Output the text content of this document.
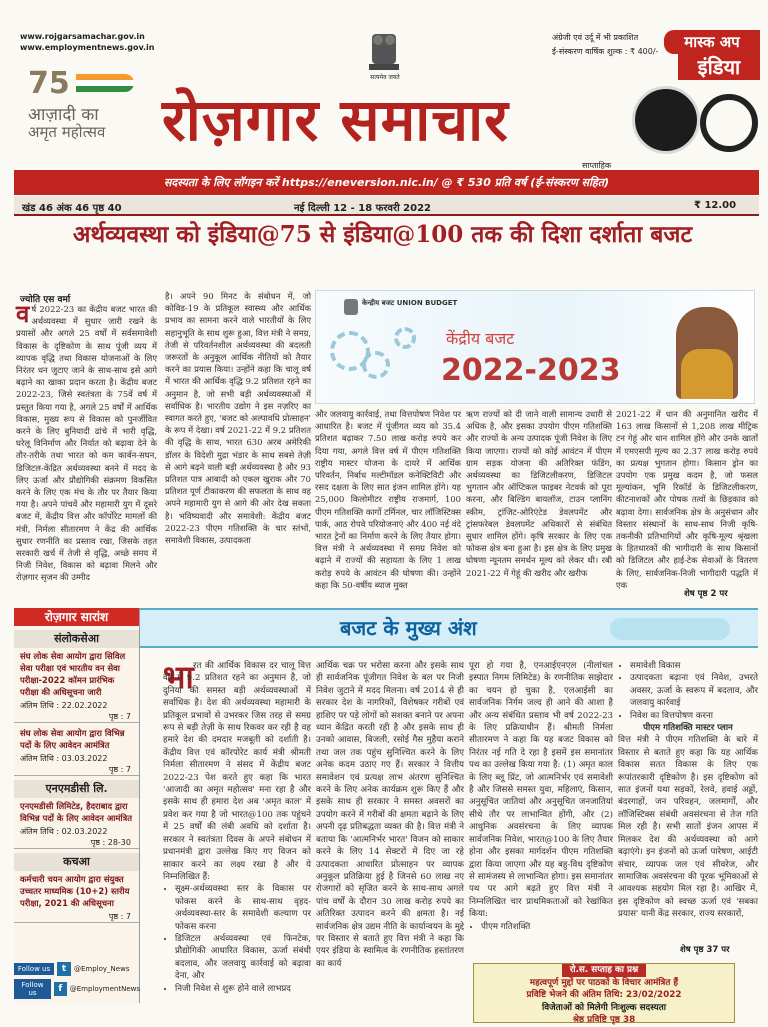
www.rojgarsamachar.gov.in
www.employmentnews.gov.in
सत्यमेव जयते
अंग्रेजी एवं उर्दू में भी प्रकाशित
ई-संस्करण वार्षिक शुल्क : ₹ 400/-
मास्क अप
इंडिया
75
आज़ादी का
अमृत महोत्सव रोज़गार समाचार
साप्ताहिक
सदस्यता के लिए लॉगइन करें https://eneversion.nic.in/ @ ₹ 530 प्रति वर्ष (ई-संस्करण सहित)
खंड 46 अंक 46 पृष्ठ 40	नई दिल्ली 12 - 18 फरवरी 2022	₹ 12.00
अर्थव्यवस्था को इंडिया@75 से इंडिया@100 तक की दिशा दर्शाता बजट
ज्योति एस वर्मा
व र्ष 2022-23 का केंद्रीय बजट भारत की अर्थव्यवस्था में सुधार जारी रखने के प्रयासों और अगले 25 वर्षों में सर्वसमावेशी विकास के दृष्टिकोण के साथ पूंजी व्यय में व्यापक वृद्धि तथा विकास योजनाओं के लिए निरंतर धन जुटाए जाने के साथ-साथ इसे आगे बढ़ाने का खाका प्रदान करता है। केंद्रीय बजट 2022-23, जिसे स्वतंत्रता के 75वें वर्ष में प्रस्तुत किया गया है, अगले 25 वर्षों में आर्थिक विकास, मुख्य रूप से विकास को पुनर्जीवित करने के लिए बुनियादी ढांचे में भारी वृद्धि, घरेलू विनिर्माण और निर्यात को बढ़ावा देने के तौर-तरीके तथा भारत को कम कार्बन-सघन, डिजिटल-केंद्रित अर्थव्यवस्था बनने में मदद के लिए ऊर्जा और प्रौद्योगिकी संक्रमण विकसित करने के लिए एक मंच के तौर पर तैयार किया गया है। अपने पांचवें और महामारी युग में दूसरे बजट में, केंद्रीय वित्त और कॉर्पोरेट मामलों की मंत्री, निर्मला सीतारमण ने केंद्र की आर्थिक सुधार रणनीति का प्रस्ताव रखा, जिसके तहत सरकारी खर्च में तेजी से वृद्धि, अच्छे समय में निजी निवेश, विकास को बढ़ावा मिलने और रोज़गार सृजन की उम्मीद
है। अपने 90 मिनट के संबोधन में, जो कोविड-19 के प्रतिकूल स्वास्थ्य और आर्थिक प्रभाव का सामना करने वाले भारतीयों के लिए सहानुभूति के साथ शुरू हुआ, वित्त मंत्री ने समग्र, तेजी से परिवर्तनशील अर्थव्यवस्था की बदलती जरूरतों के अनुकूल आर्थिक नीतियों को तैयार करने का प्रयास किया। उन्होंने कहा कि चालू वर्ष में भारत की आर्थिक वृद्धि 9.2 प्रतिशत रहने का अनुमान है, जो सभी बड़ी अर्थव्यवस्थाओं में सर्वाधिक है। भारतीय उद्योग ने इस नज़रिए का स्वागत करते हुए, 'बजट को अल्पावधि प्रोत्साहन' के रूप में देखा। वर्ष 2021-22 में 9.2 प्रतिशत की वृद्धि के साथ, भारत 630 अरब अमेरिकी डॉलर के विदेशी मुद्रा भंडार के साथ सबसे तेज़ी से आगे बढ़ने वाली बड़ी अर्थव्यवस्था है और 93 प्रतिशत पात्र आबादी को एकल खुराक और 70 प्रतिशत पूर्ण टीकाकरण की सफलता के साथ वह अपने महामारी युग से आगे की ओर देख सकता है। भविष्यवादी और समावेशी: केंद्रीय बजट 2022-23 पीएम गतिशक्ति के चार स्तंभों, समावेशी विकास, उत्पादकता
केन्द्रीय बजट UNION BUDGET
केंद्रीय बजट
2022-2023
और जलवायु कार्रवाई, तथा वित्तपोषण निवेश पर आधारित है। बजट में पूंजीगत व्यय को 35.4 प्रतिशत बढ़ाकर 7.50 लाख करोड़ रुपये कर दिया गया, अगले वित्त वर्ष में पीएम गतिशक्ति राष्ट्रीय मास्टर योजना के दायरे में आर्थिक परिवर्तन, निर्बाध मल्टीमॉडल कनेक्टिविटी और रसद दक्षता के लिए सात इंजन शामिल होंगे। यह 25,000 किलोमीटर राष्ट्रीय राजमार्ग, 100 पीएम गतिशक्ति कार्गो टर्मिनल, चार लॉजिस्टिक्स पार्क, आठ रोपवे परियोजनाएं और 400 नई वंदे भारत ट्रेनों का निर्माण करने के लिए तैयार होगा। वित्त मंत्री ने अर्थव्यवस्था में समग्र निवेश को बढ़ाने में राज्यों की सहायता के लिए 1 लाख करोड़ रुपये के आवंटन की घोषणा की। उन्होंने कहा कि 50-वर्षीय ब्याज मुक्त
ऋण राज्यों को दी जाने वाली सामान्य उधारी से अधिक है, और इसका उपयोग पीएम गतिशक्ति और राज्यों के अन्य उत्पादक पूंजी निवेश के लिए किया जाएगा। राज्यों को कोई आवंटन में पीएम ग्राम सड़क योजना की अतिरिक्त फंडिंग, अर्थव्यवस्था का डिजिटलीकरण, डिजिटल भुगतान और ऑप्टिकल फाइबर नेटवर्क को पूरा करना, और बिल्डिंग बायलॉज, टाउन प्लानिंग स्कीम, ट्रांजिट-ओरिएंटेड डेवलपमेंट और ट्रांसफरेबल डेवलपमेंट अधिकारों से संबंधित सुधार शामिल होंगे। कृषि सरकार के लिए एक फोकस क्षेत्र बना हुआ है। इस क्षेत्र के लिए प्रमुख घोषणा न्यूनतम समर्थन मूल्य को लेकर थी। रबी 2021-22 में गेहूं की खरीद और खरीफ
2021-22 में धान की अनुमानित खरीद में 163 लाख किसानों से 1,208 लाख मीट्रिक टन गेहूं और धान शामिल होंगे और उनके खातों में एमएसपी मूल्य का 2.37 लाख करोड़ रुपये का प्रत्यक्ष भुगतान होगा। किसान ड्रोन का उपयोग एक प्रमुख कदम है, जो फसल मूल्यांकन, भूमि रिकॉर्ड के डिजिटलीकरण, कीटनाशकों और पोषक तत्वों के छिड़काव को बढ़ावा देगा। सार्वजनिक क्षेत्र के अनुसंधान और विस्तार संस्थानों के साथ-साथ निजी कृषि-तकनीकी प्रतिभागियों और कृषि-मूल्य श्रृंखला के हितधारकों की भागीदारी के साथ किसानों को डिजिटल और हाई-टेक सेवाओं के वितरण के लिए, सार्वजनिक-निजी भागीदारी पद्धति में एक
शेष पृष्ठ 2 पर
रोज़गार सारांश
संलोकसेआ
संघ लोक सेवा आयोग द्वारा सिविल सेवा परीक्षा एवं भारतीय वन सेवा परीक्षा-2022 कॉमन प्रारंभिक परीक्षा की अधिसूचना जारी
अंतिम तिथि : 22.02.2022
पृष्ठ : 7
संघ लोक सेवा आयोग द्वारा विभिन्न पदों के लिए आवेदन आमंत्रित
अंतिम तिथि : 03.03.2022
पृष्ठ : 7
एनएमडीसी लि.
एनएमडीसी लिमिटेड, हैदराबाद द्वारा विभिन्न पदों के लिए आवेदन आमंत्रित
अंतिम तिथि : 02.03.2022
पृष्ठ : 28-30
कचआ
कर्मचारी चयन आयोग द्वारा संयुक्त उच्चतर माध्यमिक (10+2) स्तरीय परीक्षा, 2021 की अधिसूचना
पृष्ठ : 7
Follow us	t	@Employ_News
Follow us	f	@EmploymentNews
बजट के मुख्य अंश
भा रत की आर्थिक विकास दर चालू वित्त वर्ष में 9.2 प्रतिशत रहने का अनुमान है, जो दुनिया की समस्त बड़ी अर्थव्यवस्थाओं में सर्वाधिक है। देश की अर्थव्यवस्था महामारी के प्रतिकूल प्रभावों से उभरकर जिस तरह से समग्र रूप से बड़ी तेज़ी के साथ रिकवर कर रही है वह हमारे देश की दमदार मजबूती को दर्शाती है। केंद्रीय वित्त एवं कॉरपोरेट कार्य मंत्री श्रीमती निर्मला सीतारमण ने संसद में केंद्रीय बजट 2022-23 पेश करते हुए कहा कि भारत 'आजादी का अमृत महोत्सव' मना रहा है और इसके साथ ही हमारा देश अब 'अमृत काल' में प्रवेश कर गया है जो भारत@100 तक पहुंचने में 25 वर्षों की लंबी अवधि को दर्शाता है। सरकार ने स्वतंत्रता दिवस के अपने संबोधन में प्रधानमंत्री द्वारा उल्लेख किए गए विजन को साकार करने का लक्ष्य रखा है और ये निम्नलिखित हैं:
• सूक्ष्म-अर्थव्यवस्था स्तर के विकास पर फोकस करने के साथ-साथ वृहद-अर्थव्यवस्था-स्तर के समावेशी कल्याण पर फोकस करना
• डिजिटल अर्थव्यवस्था एवं फिनटेक, प्रौद्योगिकी आधारित विकास, ऊर्जा संबंधी बदलाव, और जलवायु कार्रवाई को बढ़ावा देना, और
• निजी निवेश से शुरू होने वाले लाभप्रद
आर्थिक चक्र पर भरोसा करना और इसके साथ ही सार्वजनिक पूंजीगत निवेश के बल पर निजी निवेश जुटाने में मदद मिलना। वर्ष 2014 से ही सरकार देश के नागरिकों, विशेषकर गरीबों एवं हाशिए पर पड़े लोगों को सशक्त बनाने पर अपना ध्यान केंद्रित करती रही है और इसके साथ ही उनको आवास, बिजली, रसोई गैस मुहैया कराने तथा जल तक पहुंच सुनिश्चित करने के लिए अनेक कदम उठाए गए हैं। सरकार ने वित्तीय समावेशन एवं प्रत्यक्ष लाभ अंतरण सुनिश्चित करने के लिए अनेक कार्यक्रम शुरू किए हैं और इसके साथ ही सरकार ने समस्त अवसरों का उपयोग करने में गरीबों की क्षमता बढ़ाने के लिए अपनी दृढ़ प्रतिबद्धता व्यक्त की है। वित्त मंत्री ने बताया कि 'आत्मनिर्भर भारत' विजन को साकार करने के लिए 14 सेक्टरों में दिए जा रहे उत्पादकता आधारित प्रोत्साहन पर व्यापक अनुकूल प्रतिक्रिया हुई है जिनसे 60 लाख नए रोजगारों को सृजित करने के साथ-साथ अगले पांच वर्षों के दौरान 30 लाख करोड़ रुपये का अतिरिक्त उत्पादन करने की क्षमता है। नई सार्वजनिक क्षेत्र उद्यम नीति के कार्यान्वयन के मुद्दे पर विस्तार से बताते हुए वित्त मंत्री ने कहा कि एयर इंडिया के स्वामित्व के रणनीतिक हस्तांतरण का कार्य
पूरा हो गया है, एनआईएनएल (नीलांचल इस्पात निगम लिमिटेड) के रणनीतिक साझेदार का चयन हो चुका है, एलआईसी का सार्वजनिक निर्गम जल्द ही आने की आशा है और अन्य संबंधित प्रस्ताव भी वर्ष 2022-23 के लिए प्रक्रियाधीन हैं। श्रीमती निर्मला सीतारमण ने कहा कि यह बजट विकास को निरंतर नई गति दे रहा है इसमें इस समानांतर पथ का उल्लेख किया गया है: (1) अमृत काल के लिए ब्लू प्रिंट, जो आत्मनिर्भर एवं समावेशी है और जिससे समस्त युवा, महिलाएं, किसान, अनुसूचित जातियां और अनुसूचित जनजातियां सीधे तौर पर लाभान्वित होंगी, और (2) आधुनिक अवसंरचना के लिए व्यापक सार्वजनिक निवेश, भारत@100 के लिए तैयार होना और इसका मार्गदर्शन पीएम गतिशक्ति द्वारा किया जाएगा और यह बहु-विध दृष्टिकोण से सामंजस्य से लाभान्वित होगा। इस समानांतर पथ पर आगे बढ़ते हुए वित्त मंत्री ने निम्नलिखित चार प्राथमिकताओं को रेखांकित किया:
• पीएम गतिशक्ति
• समावेशी विकास
• उत्पादकता बढ़ाना एवं निवेश, उभरते अवसर, ऊर्जा के स्वरूप में बदलाव, और जलवायु कार्रवाई
• निवेश का वित्तपोषण करना
पीएम गतिशक्ति मास्टर प्लान
वित्त मंत्री ने पीएम गतिशक्ति के बारे में विस्तार से बताते हुए कहा कि यह आर्थिक विकास सतत विकास के लिए एक रूपांतरकारी दृष्टिकोण है। इस दृष्टिकोण को सात इंजनों यथा सड़कों, रेलवे, हवाई अड्डों, बंदरगाहों, जन परिवहन, जलमार्गों, और लॉजिस्टिक्स संबंधी अवसंरचना से तेज गति मिल रही है। सभी सातों इंजन आपस में मिलकर देश की अर्थव्यवस्था को आगे बढ़ाएंगे। इन इंजनों को ऊर्जा पारेषण, आईटी संचार, व्यापक जल एवं सीवरेज, और सामाजिक अवसंरचना की पूरक भूमिकाओं से आवश्यक सहयोग मिल रहा है। आखिर में, इस दृष्टिकोण को स्वच्छ ऊर्जा एवं 'सबका प्रयास' यानी केंद्र सरकार, राज्य सरकारों,
शेष पृष्ठ 37 पर
रो.स. सप्ताह का प्रश्न
महत्वपूर्ण मुद्दों पर पाठकों के विचार आमंत्रित हैं
प्रविष्टि भेजने की अंतिम तिथि: 23/02/2022
विजेताओं को मिलेगी निःशुल्क सदस्यता
श्रेष्ठ प्रविष्टि पृष्ठ 38
